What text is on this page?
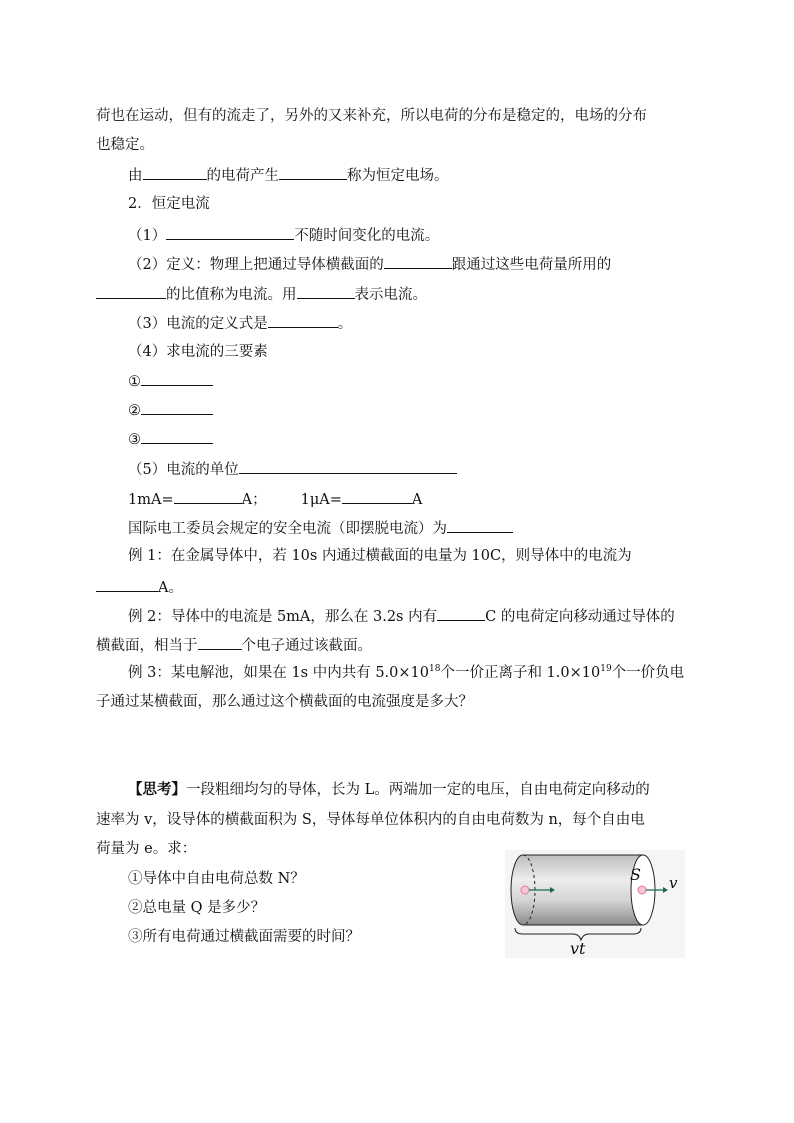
荷也在运动，但有的流走了，另外的又来补充，所以电荷的分布是稳定的，电场的分布
也稳定。
由	的电荷产生	称为恒定电场。
2．恒定电流
（1）	不随时间变化的电流。
（2）定义：物理上把通过导体横截面的	跟通过这些电荷量所用的
的比值称为电流。用	表示电流。
（3）电流的定义式是	。
（4）求电流的三要素
①
②
③
（5）电流的单位
1mA=	A； 1μA=	A
国际电工委员会规定的安全电流（即摆脱电流）为
例 1：在金属导体中，若 10s 内通过横截面的电量为 10C，则导体中的电流为
A。
例 2：导体中的电流是 5mA，那么在 3.2s 内有	C 的电荷定向移动通过导体的
横截面，相当于	个电子通过该截面。
例 3：某电解池，如果在 1s 中内共有 $5.0\times 10^{18}$个一价正离子和 $1.0\times 10^{19}$个一价负电
子通过某横截面，那么通过这个横截面的电流强度是多大？
【思考】一段粗细均匀的导体，长为 L。两端加一定的电压，自由电荷定向移动的
速率为 v，设导体的横截面积为 S，导体每单位体积内的自由电荷数为 n，每个自由电
荷量为 e。求：
①导体中自由电荷总数 N？
②总电量 Q 是多少？
③所有电荷通过横截面需要的时间？
S v
vt
